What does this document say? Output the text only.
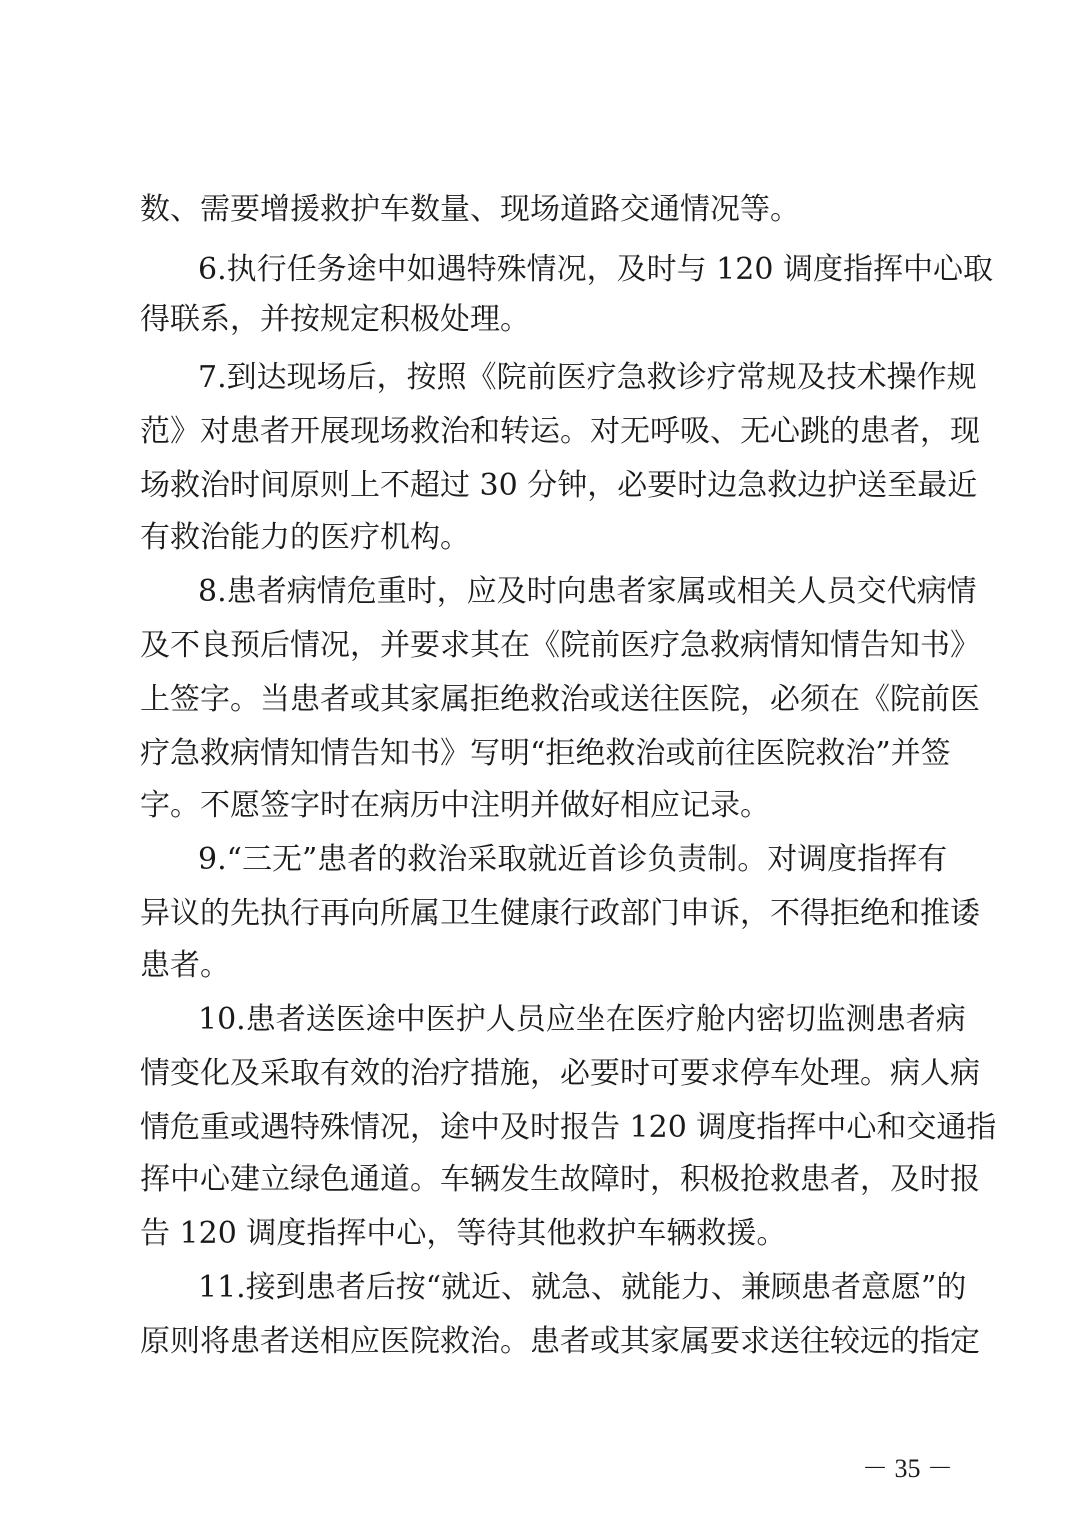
数、需要增援救护车数量、现场道路交通情况等。
6.执行任务途中如遇特殊情况，及时与 120 调度指挥中心取
得联系，并按规定积极处理。
7.到达现场后，按照《院前医疗急救诊疗常规及技术操作规
范》对患者开展现场救治和转运。对无呼吸、无心跳的患者，现
场救治时间原则上不超过 30 分钟，必要时边急救边护送至最近
有救治能力的医疗机构。
8.患者病情危重时，应及时向患者家属或相关人员交代病情
及不良预后情况，并要求其在《院前医疗急救病情知情告知书》
上签字。当患者或其家属拒绝救治或送往医院，必须在《院前医
疗急救病情知情告知书》写明“拒绝救治或前往医院救治”并签
字。不愿签字时在病历中注明并做好相应记录。
9.“三无”患者的救治采取就近首诊负责制。对调度指挥有
异议的先执行再向所属卫生健康行政部门申诉，不得拒绝和推诿
患者。
10.患者送医途中医护人员应坐在医疗舱内密切监测患者病
情变化及采取有效的治疗措施，必要时可要求停车处理。病人病
情危重或遇特殊情况，途中及时报告 120 调度指挥中心和交通指
挥中心建立绿色通道。车辆发生故障时，积极抢救患者，及时报
告 120 调度指挥中心，等待其他救护车辆救援。
11.接到患者后按“就近、就急、就能力、兼顾患者意愿”的
原则将患者送相应医院救治。患者或其家属要求送往较远的指定
－ 35 －
